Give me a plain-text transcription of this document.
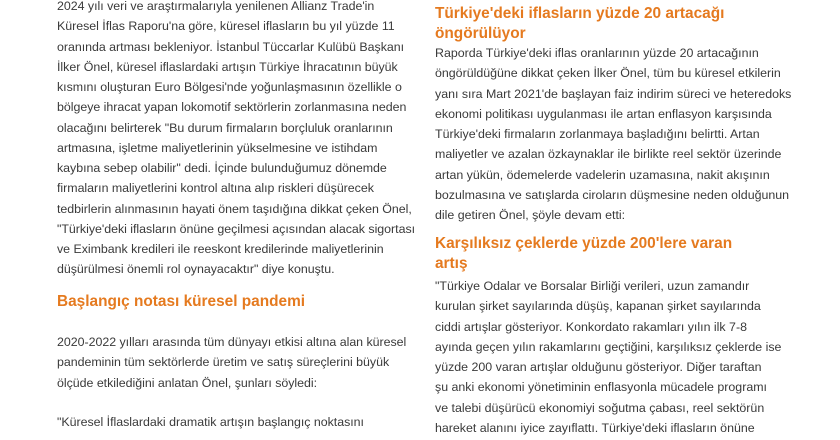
2024 yılı veri ve araştırmalarıyla yenilenen Allianz Trade'in
Küresel İflas Raporu'na göre, küresel iflasların bu yıl yüzde 11
oranında artması bekleniyor. İstanbul Tüccarlar Kulübü Başkanı
İlker Önel, küresel iflaslardaki artışın Türkiye İhracatının büyük
kısmını oluşturan Euro Bölgesi'nde yoğunlaşmasının özellikle o
bölgeye ihracat yapan lokomotif sektörlerin zorlanmasına neden
olacağını belirterek "Bu durum firmaların borçluluk oranlarının
artmasına, işletme maliyetlerinin yükselmesine ve istihdam
kaybına sebep olabilir" dedi. İçinde bulunduğumuz dönemde
firmaların maliyetlerini kontrol altına alıp riskleri düşürecek
tedbirlerin alınmasının hayati önem taşıdığına dikkat çeken Önel,
"Türkiye'deki iflasların önüne geçilmesi açısından alacak sigortası
ve Eximbank kredileri ile reeskont kredilerinde maliyetlerinin
düşürülmesi önemli rol oynayacaktır" diye konuştu.
Başlangıç notası küresel pandemi
2020-2022 yılları arasında tüm dünyayı etkisi altına alan küresel
pandeminin tüm sektörlerde üretim ve satış süreçlerini büyük
ölçüde etkilediğini anlatan Önel, şunları söyledi:
"Küresel İflaslardaki dramatik artışın başlangıç noktasını
Türkiye'deki iflasların yüzde 20 artacağı
öngörülüyor
Raporda Türkiye'deki iflas oranlarının yüzde 20 artacağının
öngörüldüğüne dikkat çeken İlker Önel, tüm bu küresel etkilerin
yanı sıra Mart 2021'de başlayan faiz indirim süreci ve heteredoks
ekonomi politikası uygulanması ile artan enflasyon karşısında
Türkiye'deki firmaların zorlanmaya başladığını belirtti. Artan
maliyetler ve azalan özkaynaklar ile birlikte reel sektör üzerinde
artan yükün, ödemelerde vadelerin uzamasına, nakit akışının
bozulmasına ve satışlarda ciroların düşmesine neden olduğunun
dile getiren Önel, şöyle devam etti:
Karşılıksız çeklerde yüzde 200'lere varan
artış
"Türkiye Odalar ve Borsalar Birliği verileri, uzun zamandır
kurulan şirket sayılarında düşüş, kapanan şirket sayılarında
ciddi artışlar gösteriyor. Konkordato rakamları yılın ilk 7-8
ayında geçen yılın rakamlarını geçtiğini, karşılıksız çeklerde ise
yüzde 200 varan artışlar olduğunu gösteriyor. Diğer taraftan
şu anki ekonomi yönetiminin enflasyonla mücadele programı
ve talebi düşürücü ekonomiyi soğutma çabası, reel sektörün
hareket alanını iyice zayıflattı. Türkiye'deki iflasların önüne
